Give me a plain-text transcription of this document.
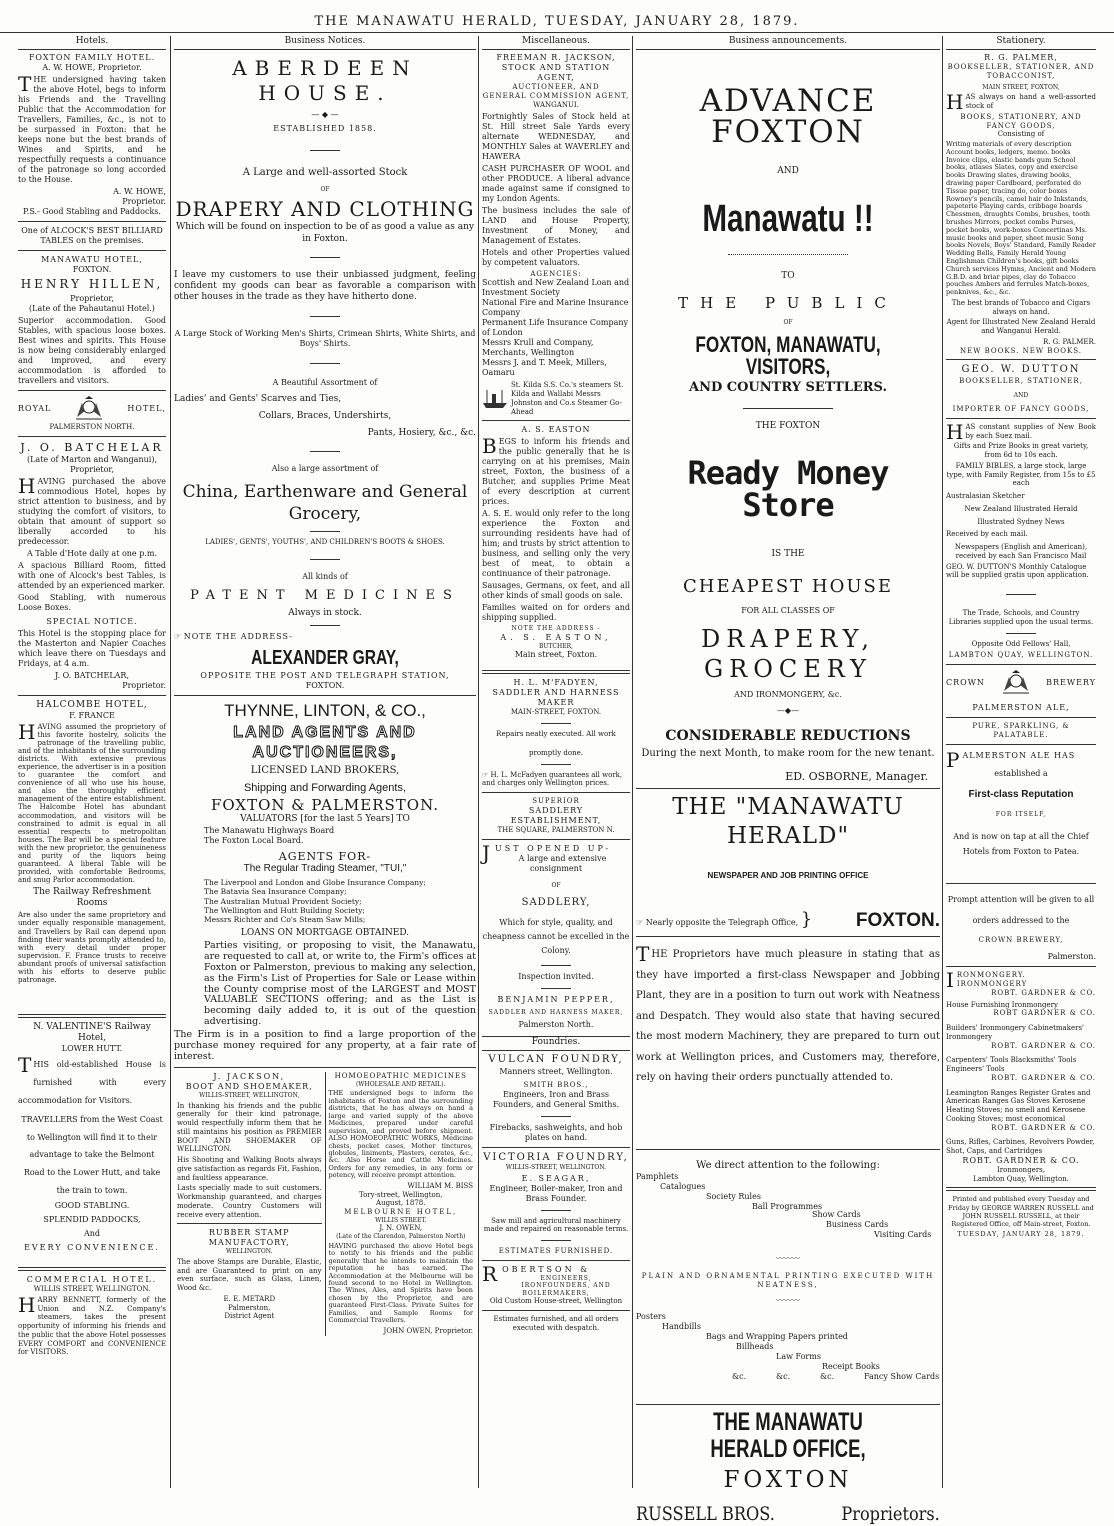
THE MANAWATU HERALD, TUESDAY, JANUARY 28, 1879.
Hotels.
FOXTON FAMILY HOTEL.
A. W. HOWE, Proprietor.

THE undersigned having taken the above Hotel, begs to inform his Friends and the Travelling Public that the Accommodation for Travellers, Families, &c., is not to be surpassed in Foxton: that he keeps none but the best brands of Wines and Spirits, and he respectfully requests a continuance of the patronage so long accorded to the House.

A. W. HOWE,
Proprietor.
P.S.- Good Stabling and Paddocks.

One of ALCOCK'S BEST BILLIARD TABLES on the premises.

MANAWATU HOTEL,
FOXTON.
HENRY HILLEN,
Proprietor,
(Late of the Pahautanui Hotel.)

Superior accommodation. Good Stables, with spacious loose boxes. Best wines and spirits. This House is now being considerably enlarged and improved, and every accommodation is afforded to travellers and visitors.

ROYAL	HOTEL,
PALMERSTON NORTH.
J. O. BATCHELAR
(Late of Marton and Wanganui),
Proprietor,

HAVING purchased the above commodious Hotel, hopes by strict attention to business, and by studying the comfort of visitors, to obtain that amount of support so liberally accorded to his predecessor.

A Table d'Hote daily at one p.m.

A spacious Billiard Room, fitted with one of Alcock's best Tables, is attended by an experienced marker.

Good Stabling, with numerous Loose Boxes.

SPECIAL NOTICE.

This Hotel is the stopping place for the Masterton and Napier Coaches which leave there on Tuesdays and Fridays, at 4 a.m.

J. O. BATCHELAR,
Proprietor.
HALCOMBE HOTEL,
F. FRANCE

HAVING assumed the proprietory of this favorite hostelry, solicits the patronage of the travelling public, and of the inhabitants of the surrounding districts. With extensive previous experience, the advertiser is in a position to guarantee the comfort and convenience of all who use his house, and also the thoroughly efficient management of the entire establishment. The Halcombe Hotel has abundant accommodation, and visitors will be constrained to admit is equal in all essential respects to metropolitan houses. The Bar will be a special feature with the new proprietor, the genuineness and purity of the liquors being guaranteed. A liberal Table will be provided, with comfortable Bedrooms, and snug Parlor accommodation.

The Railway Refreshment Rooms

Are also under the same proprietory and under equally responsible management, and Travellers by Rail can depend upon finding their wants promptly attended to, with every detail under proper supervision. F. France trusts to receive abundant proofs of universal satisfaction with his efforts to deserve public patronage.

N. VALENTINE'S Railway Hotel,
LOWER HUTT.

THIS old-established House is furnished with every accommodation for Visitors.

TRAVELLERS from the West Coast to Wellington will find it to their advantage to take the Belmont Road to the Lower Hutt, and take the train to town.

GOOD STABLING.
SPLENDID PADDOCKS,
And
EVERY CONVENIENCE.
COMMERCIAL HOTEL.
WILLIS STREET, WELLINGTON.

HARRY BENNETT, formerly of the Union and N.Z. Company's steamers, takes the present opportunity of informing his friends and the public that the above Hotel possesses EVERY COMFORT and CONVENIENCE for VISITORS.

Business Notices.
ABERDEEN HOUSE.
— ◆ —
ESTABLISHED 1858.
A Large and well-assorted Stock
OF
DRAPERY AND CLOTHING
Which will be found on inspection to be of as good a value as any in Foxton.

I leave my customers to use their unbiassed judgment, feeling confident my goods can bear as favorable a comparison with other houses in the trade as they have hitherto done.

A Large Stock of Working Men's Shirts, Crimean Shirts, White Shirts, and Boys' Shirts.

A Beautiful Assortment of
Ladies' and Gents' Scarves and Ties,
Collars, Braces, Undershirts,
Pants, Hosiery, &c., &c.
Also a large assortment of
China, Earthenware and General Grocery,
LADIES', GENTS', YOUTHS', AND CHILDREN'S BOOTS & SHOES.
All kinds of
PATENT MEDICINES
Always in stock.
☞ NOTE THE ADDRESS-
ALEXANDER GRAY,
OPPOSITE THE POST AND TELEGRAPH STATION,
FOXTON.
THYNNE, LINTON, & CO.,
LAND AGENTS AND AUCTIONEERS,
LICENSED LAND BROKERS,
Shipping and Forwarding Agents,
FOXTON & PALMERSTON.
VALUATORS [for the last 5 Years] TO
The Manawatu Highways Board
The Foxton Local Board.
AGENTS FOR-
The Regular Trading Steamer, "TUI,"
The Liverpool and London and Globe Insurance Company;
The Batavia Sea Insurance Company;
The Australian Mutual Provident Society;
The Wellington and Hutt Building Society;
Messrs Richter and Co's Steam Saw Mills;
LOANS ON MORTGAGE OBTAINED.

Parties visiting, or proposing to visit, the Manawatu, are requested to call at, or write to, the Firm's offices at Foxton or Palmerston, previous to making any selection, as the Firm's List of Properties for Sale or Lease within the County comprise most of the LARGEST and MOST VALUABLE SECTIONS offering; and as the List is becoming daily added to, it is out of the question advertising.

The Firm is in a position to find a large proportion of the purchase money required for any property, at a fair rate of interest.

J. JACKSON,
BOOT AND SHOEMAKER,
WILLIS-STREET, WELLINGTON,

In thanking his friends and the public generally for their kind patronage, would respectfully inform them that he still maintains his position as PREMIER BOOT AND SHOEMAKER OF WELLINGTON.

His Shooting and Walking Boots always give satisfaction as regards Fit, Fashion, and faultless appearance.

Lasts specially made to suit customers. Workmanship guaranteed, and charges moderate. Country Customers will receive every attention.

RUBBER STAMP MANUFACTORY,
WELLINGTON.

The above Stamps are Durable, Elastic, and are Guaranteed to print on any even surface, such as Glass, Linen, Wood &c.

E. E. METARD
Palmerston,
District Agent
HOMOEOPATHIC MEDICINES
(WHOLESALE AND RETAIL).

THE undersigned begs to inform the inhabitants of Foxton and the surrounding districts, that he has always on hand a large and varied supply of the above Medicines, prepared under careful supervision, and proved before shipment. ALSO HOMOEOPATHIC WORKS, Medicine chests, pocket cases, Mother tinctures, globules, liniments, Plasters, cerates, &c., &c. Also Horse and Cattle Medicines. Orders for any remedies, in any form or potency, will receive prompt attention.

WILLIAM M. BISS
Tory-street, Wellington,
August, 1878.
MELBOURNE HOTEL,
WILLIS STREET.
J. N. OWEN,
(Late of the Clarendon, Palmerston North)

HAVING purchased the above Hotel begs to notify to his friends and the public generally that he intends to maintain the reputation he has earned. The Accommodation at the Melbourne will be found second to no Hotel in Wellington. The Wines, Ales, and Spirits have been chosen by the Proprietor, and are guaranteed First-Class. Private Suites for Families, and Sample Rooms for Commercial Travellers.

JOHN OWEN, Proprietor.
Miscellaneous.
FREEMAN R. JACKSON,
STOCK AND STATION AGENT,
AUCTIONEER, AND
GENERAL COMMISSION AGENT,
WANGANUI.

Fortnightly Sales of Stock held at St. Hill street Sale Yards every alternate WEDNESDAY, and MONTHLY Sales at WAVERLEY and HAWERA

CASH PURCHASER OF WOOL and other PRODUCE. A liberal advance made against same if consigned to my London Agents.

The business includes the sale of LAND and House Property, Investment of Money, and Management of Estates.

Hotels and other Properties valued by competent valuators.

AGENCIES:
Scottish and New Zealand Loan and Investment Society
National Fire and Marine Insurance Company
Permanent Life Insurance Company of London
Messrs Krull and Company, Merchants, Wellington
Messrs J. and T. Meek, Millers, Oamaru
St. Kilda S.S. Co.'s steamers St. Kilda and Wallabi Messrs Johnston and Co.s Steamer Go-Ahead
A. S. EASTON

BEGS to inform his friends and the public generally that he is carrying on at his premises, Main street, Foxton, the business of a Butcher, and supplies Prime Meat of every description at current prices.

A. S. E. would only refer to the long experience the Foxton and surrounding residents have had of him; and trusts by strict attention to business, and selling only the very best of meat, to obtain a continuance of their patronage.

Sausages, Germans, ox feet, and all other kinds of small goods on sale.

Families waited on for orders and shipping supplied.

NOTE THE ADDRESS -
A. S. EASTON,
BUTCHER,
Main street, Foxton.
H. L. M'FADYEN,
SADDLER AND HARNESS MAKER
MAIN-STREET, FOXTON.
Repairs neatly executed. All work
promptly done.
☞ H. L. McFadyen guarantees all work, and charges only Wellington prices.
SUPERIOR
SADDLERY ESTABLISHMENT,
THE SQUARE, PALMERSTON N.
JUST OPENED UP-
A large and extensive consignment
OF
SADDLERY,

Which for style, quality, and cheapness cannot be excelled in the Colony.

Inspection invited.
BENJAMIN PEPPER,
SADDLER AND HARNESS MAKER,
Palmerston North.
Foundries.
VULCAN FOUNDRY,
Manners street, Wellington.
SMITH BROS.,
Engineers, Iron and Brass Founders, and General Smiths.
Firebacks, sashweights, and hob plates on hand.
VICTORIA FOUNDRY,
WILLIS-STREET, WELLINGTON.
E. SEAGAR,
Engineer, Boiler-maker, Iron and Brass Founder.
Saw mill and agricultural machinery made and repaired on reasonable terms.
ESTIMATES FURNISHED.
ROBERTSON &
ENGINEERS,
IRONFOUNDERS, AND BOILERMAKERS,
Old Custom House-street, Wellington
Estimates furnished, and all orders executed with despatch.
Business announcements.
ADVANCE FOXTON
AND
Manawatu !!
TO
THE PUBLIC
OF
FOXTON, MANAWATU, VISITORS,
AND COUNTRY SETTLERS.
THE FOXTON
Ready Money Store
IS THE
CHEAPEST HOUSE
FOR ALL CLASSES OF
DRAPERY, GROCERY
AND IRONMONGERY, &c.
—◆—
CONSIDERABLE REDUCTIONS
During the next Month, to make room for the new tenant.
ED. OSBORNE, Manager.
THE "MANAWATU HERALD"
NEWSPAPER AND JOB PRINTING OFFICE
☞ Nearly opposite the Telegraph Office, } FOXTON.

THE Proprietors have much pleasure in stating that as they have imported a first-class Newspaper and Jobbing Plant, they are in a position to turn out work with Neatness and Despatch. They would also state that having secured the most modern Machinery, they are prepared to turn out work at Wellington prices, and Customers may, therefore, rely on having their orders punctually attended to.

We direct attention to the following:
Pamphlets
Catalogues
Society Rules
Ball Programmes
Show Cards
Business Cards
Visiting Cards
〰〰〰
PLAIN AND ORNAMENTAL PRINTING EXECUTED WITH NEATNESS,
〰〰〰
Posters
Handbills
Bags and Wrapping Papers printed
Billheads
Law Forms
Receipt Books
Fancy Show Cards
&c.	&c.	&c.
THE MANAWATU HERALD OFFICE,
FOXTON
RUSSELL BROS.	Proprietors.
Stationery.
R. G. PALMER,
BOOKSELLER, STATIONER, AND TOBACCONIST,
MAIN STREET, FOXTON,

HAS always on hand a well-assorted stock of

BOOKS, STATIONERY, AND FANCY GOODS,
Consisting of

Writing materials of every description Account books, ledgers, memo. books Invoice clips, elastic bands gum School books, atlases Slates, copy and exercise books Drawing slates, drawing books, drawing paper Cardboard, perforated do Tissue paper, tracing do, color boxes Rowney's pencils, camel hair do Inkstands, papeterie Playing cards, cribbage boards Chessmen, draughts Combs, brushes, tooth brushes Mirrors, pocket combs Purses, pocket books, work-boxes Concertinas Ms. music books and paper, sheet music Song books Novels, Boys' Standard, Family Reader Wedding Bells, Family Herald Young Englishman Children's books, gift books Church services Hymns, Ancient and Modern G.B.D. and briar pipes, clay do Tobacco pouches Ambers and ferrules Match-boxes, penknives, &c., &c.

The best brands of Tobacco and Cigars always on hand.

Agent for Illustrated New Zealand Herald and Wanganui Herald.

R. G. PALMER.
NEW BOOKS. NEW BOOKS.
GEO. W. DUTTON
BOOKSELLER, STATIONER,
AND
IMPORTER OF FANCY GOODS,

HAS constant supplies of New Book by each Suez mail.

Gifts and Prize Books in great variety, from 6d to 10s each.

FAMILY BIBLES, a large stock, large type, with Family Register, from 15s to £5 each

Australasian Sketcher
New Zealand Illustrated Herald
Illustrated Sydney News
Received by each mail.

Newspapers (English and American), received by each San Francisco Mail

GEO. W. DUTTON'S Monthly Catalogue will be supplied gratis upon application.

The Trade, Schools, and Country Libraries supplied upon the usual terms.

Opposite Odd Fellows' Hall,
LAMBTON QUAY, WELLINGTON.
CROWN	BREWERY
PALMERSTON ALE,
PURE, SPARKLING, & PALATABLE.
PALMERSTON ALE HAS
established a
First-class Reputation
FOR ITSELF,

And is now on tap at all the Chief Hotels from Foxton to Patea.

Prompt attention will be given to all orders addressed to the

CROWN BREWERY,
Palmerston.
IRONMONGERY. IRONMONGERY
ROBT. GARDNER & CO.
House Furnishing Ironmongery
ROBT GARDNER & CO.
Builders' Ironmongery Cabinetmakers' Ironmongery
ROBT. GARDNER & CO.
Carpenters' Tools Blacksmiths' Tools Engineers' Tools
ROBT. GARDNER & CO.
Leamington Ranges Register Grates and American Ranges Gas Stoves Kerosene Heating Stoves; no smell and Kerosene Cooking Stoves; most economical
ROBT. GARDNER & CO.
Guns, Rifles, Carbines, Revolvers Powder, Shot, Caps, and Cartridges
ROBT. GARDNER & CO.
Ironmongers,
Lambton Quay, Wellington.

Printed and published every Tuesday and Friday by GEORGE WARREN RUSSELL and JOHN RUSSELL RUSSELL, at their Registered Office, off Main-street, Foxton.

TUESDAY, JANUARY 28, 1879.
